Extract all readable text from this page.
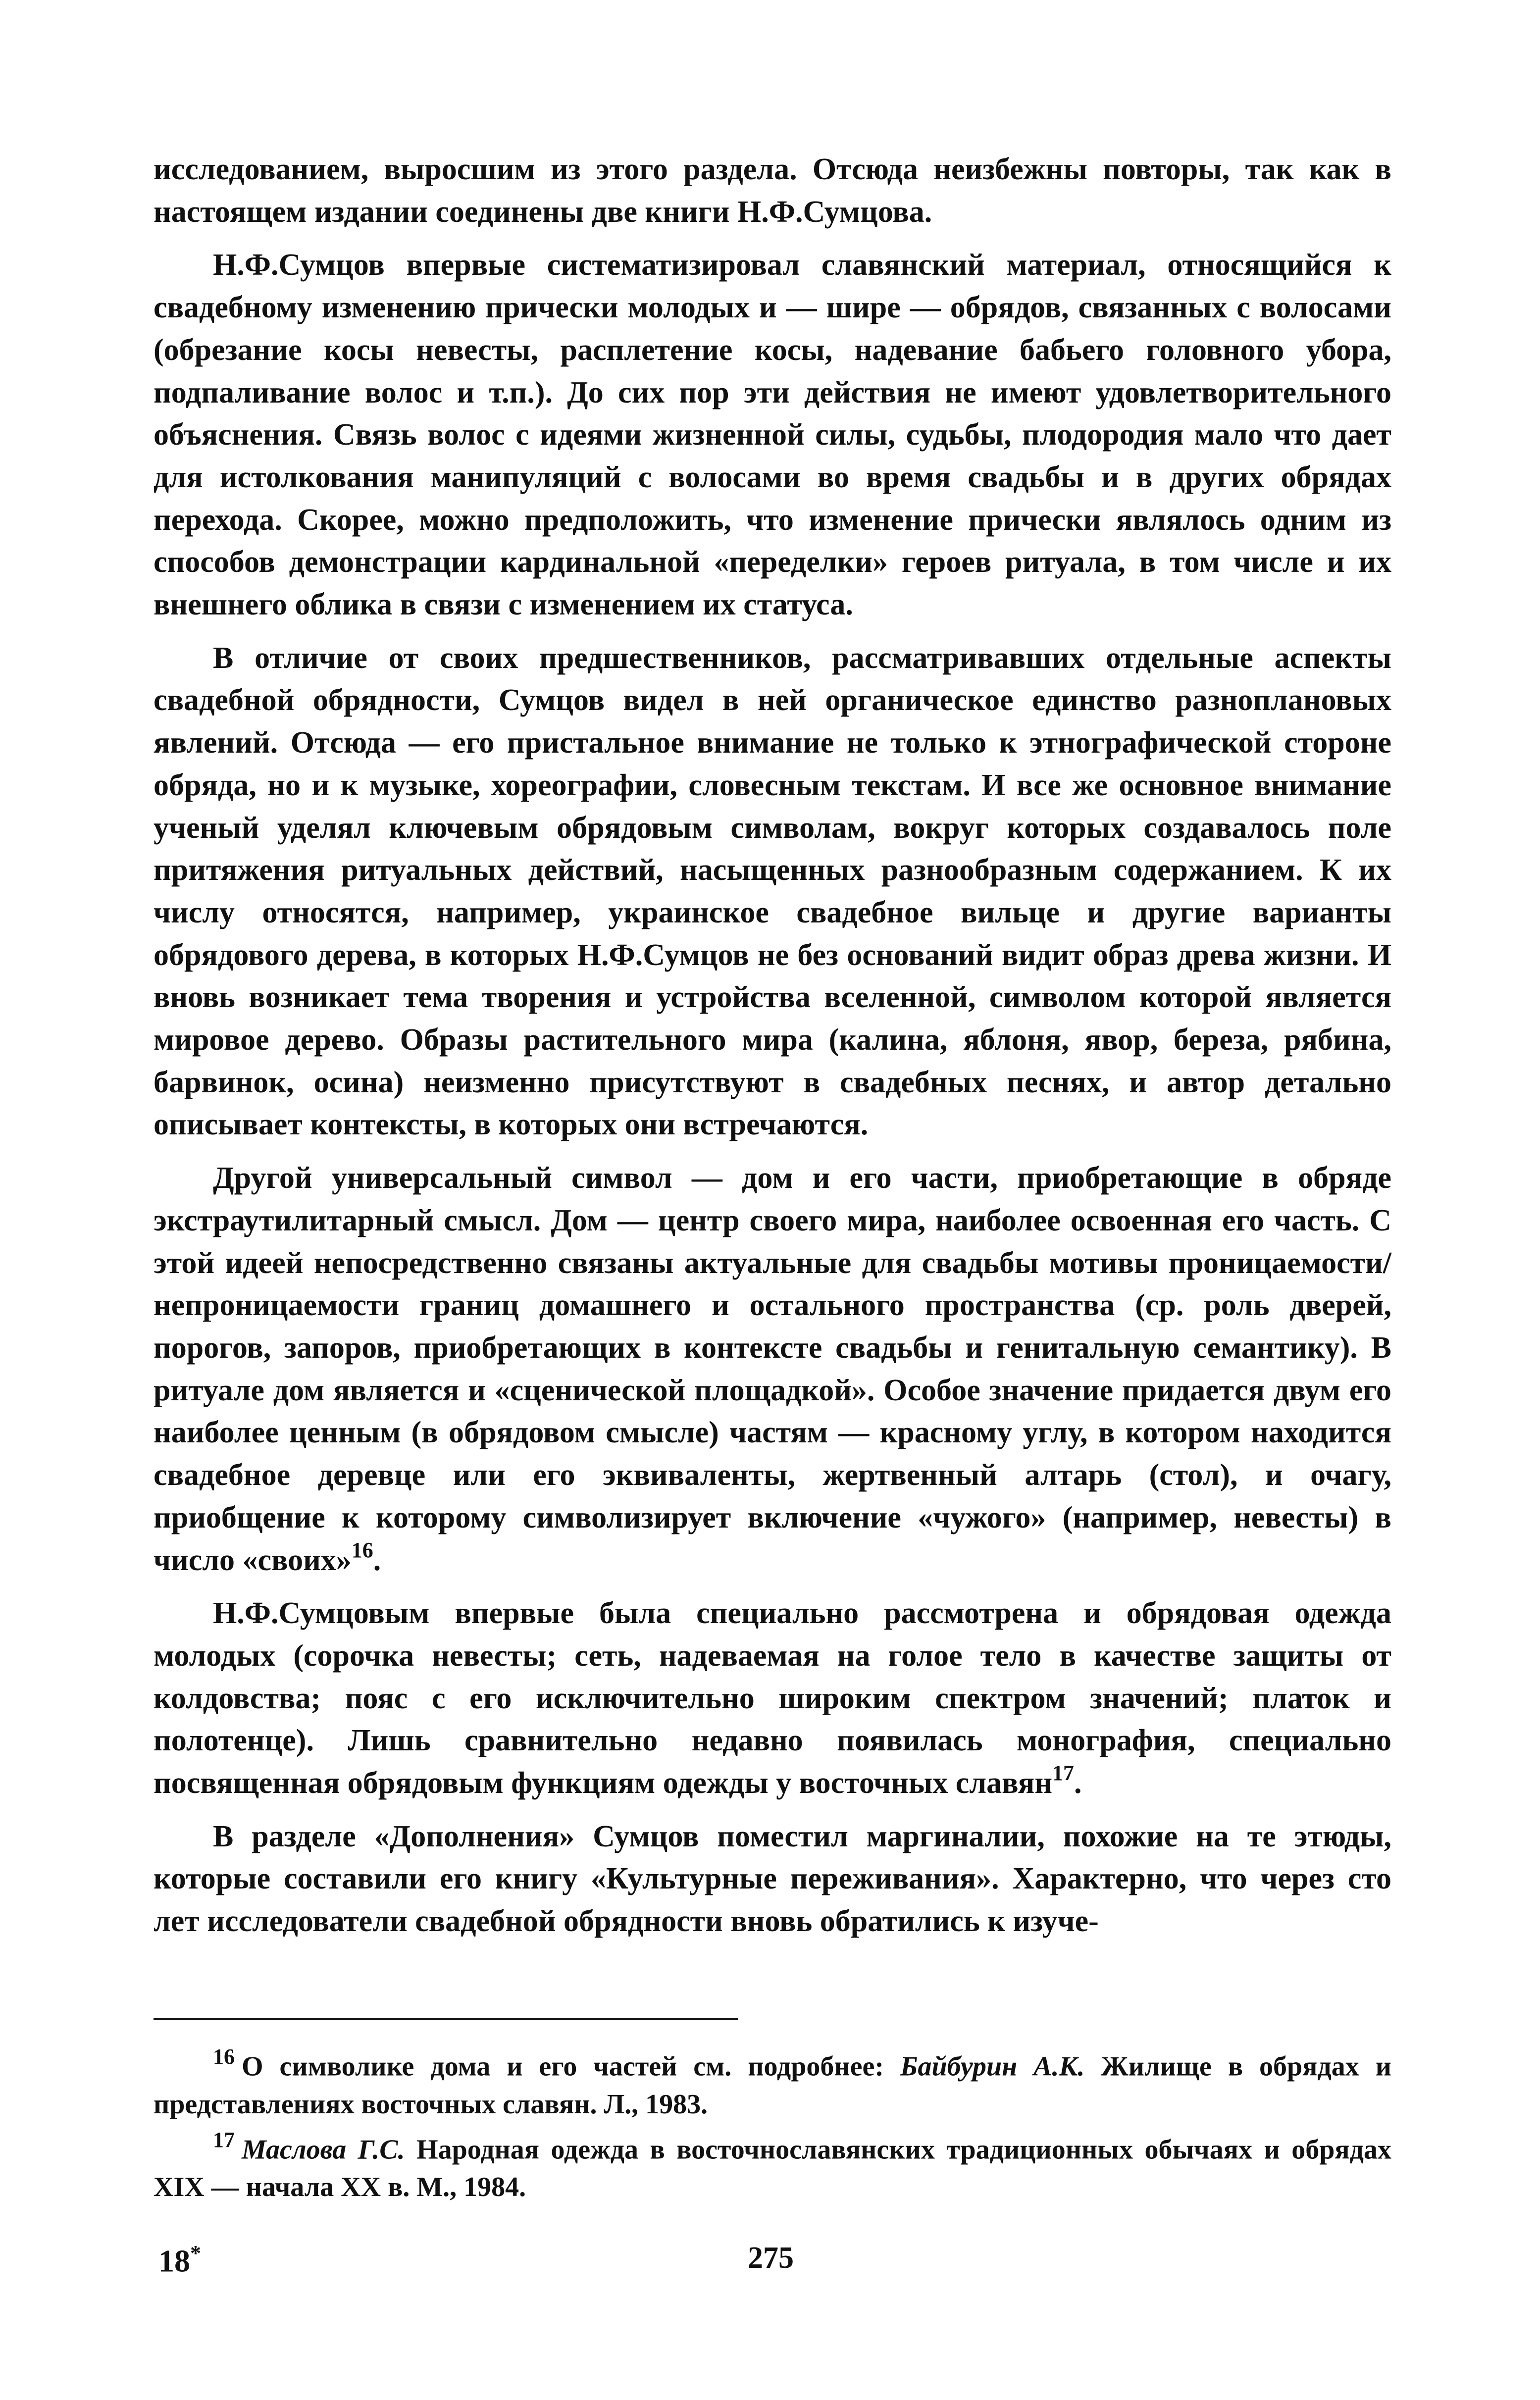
исследованием, выросшим из этого раздела. Отсюда неизбежны повторы, так как в настоящем издании соединены две книги Н.Ф.Сумцова.

Н.Ф.Сумцов впервые систематизировал славянский материал, относящийся к свадебному изменению прически молодых и — шире — обрядов, связанных с волосами (обрезание косы невесты, расплетение косы, надевание бабьего головного убора, подпаливание волос и т.п.). До сих пор эти действия не имеют удовлетворительного объяснения. Связь волос с идеями жизненной силы, судьбы, плодородия мало что дает для истолкования манипуляций с волосами во время свадьбы и в других обрядах перехода. Скорее, можно предположить, что изменение прически являлось одним из способов демонстрации кардинальной «переделки» героев ритуала, в том числе и их внешнего облика в связи с изменением их статуса.

В отличие от своих предшественников, рассматривавших отдельные аспекты свадебной обрядности, Сумцов видел в ней органическое единство разноплановых явлений. Отсюда — его пристальное внимание не только к этнографической стороне обряда, но и к музыке, хореографии, словесным текстам. И все же основное внимание ученый уделял ключевым обрядовым символам, вокруг которых создавалось поле притяжения ритуальных действий, насыщенных разнообразным содержанием. К их числу относятся, например, украинское свадебное вильце и другие варианты обрядового дерева, в которых Н.Ф.Сумцов не без оснований видит образ древа жизни. И вновь возникает тема творения и устройства вселенной, символом которой является мировое дерево. Образы растительного мира (калина, яблоня, явор, береза, рябина, барвинок, осина) неизменно присутствуют в свадебных песнях, и автор детально описывает контексты, в которых они встречаются.

Другой универсальный символ — дом и его части, приобретающие в обряде экстраутилитарный смысл. Дом — центр своего мира, наиболее освоенная его часть. С этой идеей непосредственно связаны актуальные для свадьбы мотивы проницаемости/непроницаемости границ домашнего и остального пространства (ср. роль дверей, порогов, запоров, приобретающих в контексте свадьбы и генитальную семантику). В ритуале дом является и «сценической площадкой». Особое значение придается двум его наиболее ценным (в обрядовом смысле) частям — красному углу, в котором находится свадебное деревце или его эквиваленты, жертвенный алтарь (стол), и очагу, приобщение к которому символизирует включение «чужого» (например, невесты) в число «своих»$^{16}$.

Н.Ф.Сумцовым впервые была специально рассмотрена и обрядовая одежда молодых (сорочка невесты; сеть, надеваемая на голое тело в качестве защиты от колдовства; пояс с его исключительно широким спектром значений; платок и полотенце). Лишь сравнительно недавно появилась монография, специально посвященная обрядовым функциям одежды у восточных славян$^{17}$.

В разделе «Дополнения» Сумцов поместил маргиналии, похожие на те этюды, которые составили его книгу «Культурные переживания». Характерно, что через сто лет исследователи свадебной обрядности вновь обратились к изуче-

$^{16}$ О символике дома и его частей см. подробнее: Байбурин А.К. Жилище в обрядах и представлениях восточных славян. Л., 1983.

$^{17}$ Маслова Г.С. Народная одежда в восточнославянских традиционных обычаях и обрядах XIX — начала XX в. М., 1984.

18*	275
